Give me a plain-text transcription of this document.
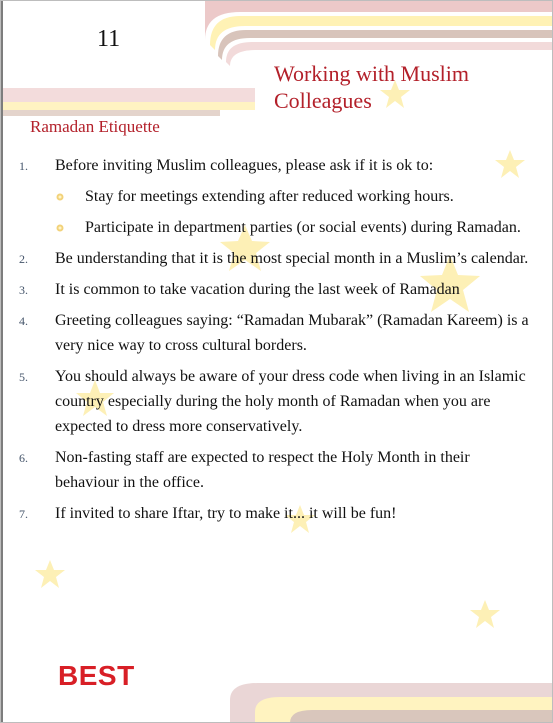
11
Working with Muslim Colleagues
Ramadan Etiquette
1. Before inviting Muslim colleagues, please ask if it is ok to:
Stay for meetings extending after reduced working hours.
Participate in department parties (or social events) during Ramadan.
2. Be understanding that it is the most special month in a Muslim’s calendar.
3. It is common to take vacation during the last week of Ramadan
4. Greeting colleagues saying: “Ramadan Mubarak” (Ramadan Kareem) is a very nice way to cross cultural borders.
5. You should always be aware of your dress code when living in an Islamic country especially during the holy month of Ramadan when you are expected to dress more conservatively.
6. Non-fasting staff are expected to respect the Holy Month in their behaviour in the office.
7. If invited to share Iftar, try to make it... it will be fun!
BEST
